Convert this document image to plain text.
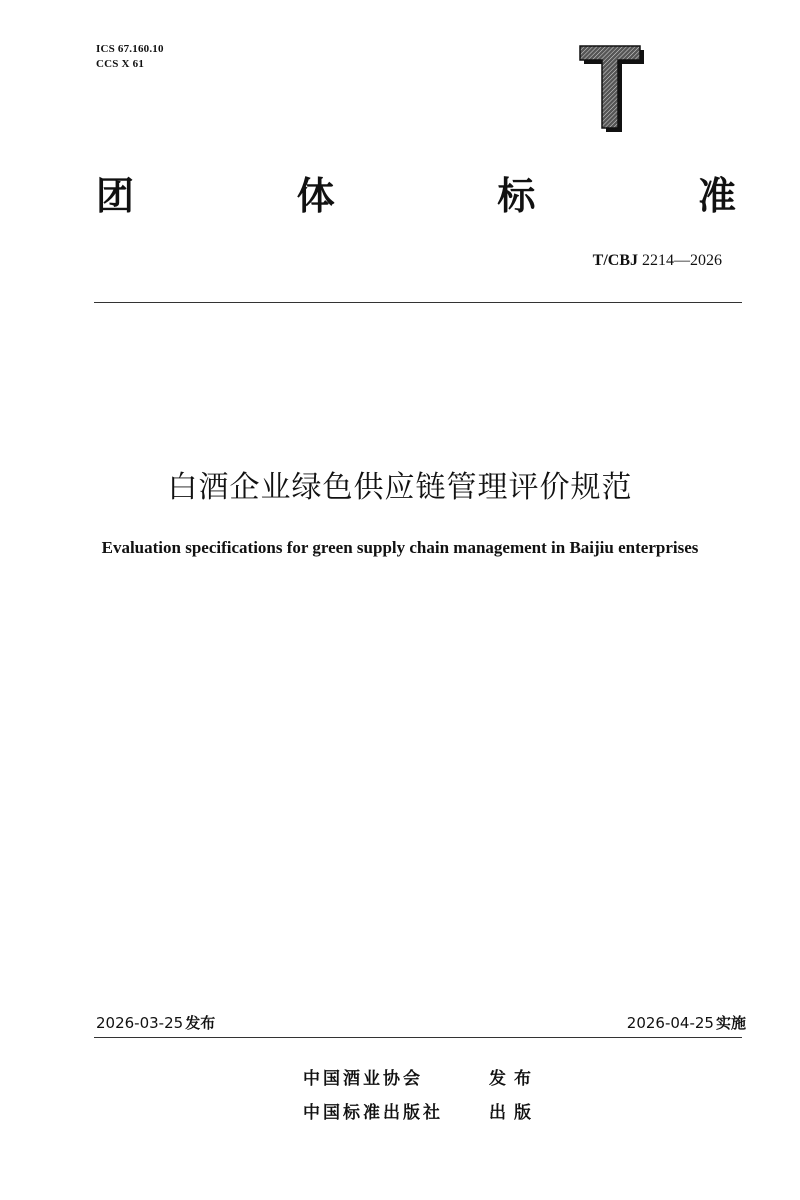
ICS 67.160.10
CCS X 61
团	体	标	准
T/CBJ 2214—2026
白酒企业绿色供应链管理评价规范
Evaluation specifications for green supply chain management in Baijiu enterprises
2026-03-25 发布	2026-04-25 实施
中国酒业协会	发布
中国标准出版社	出版
